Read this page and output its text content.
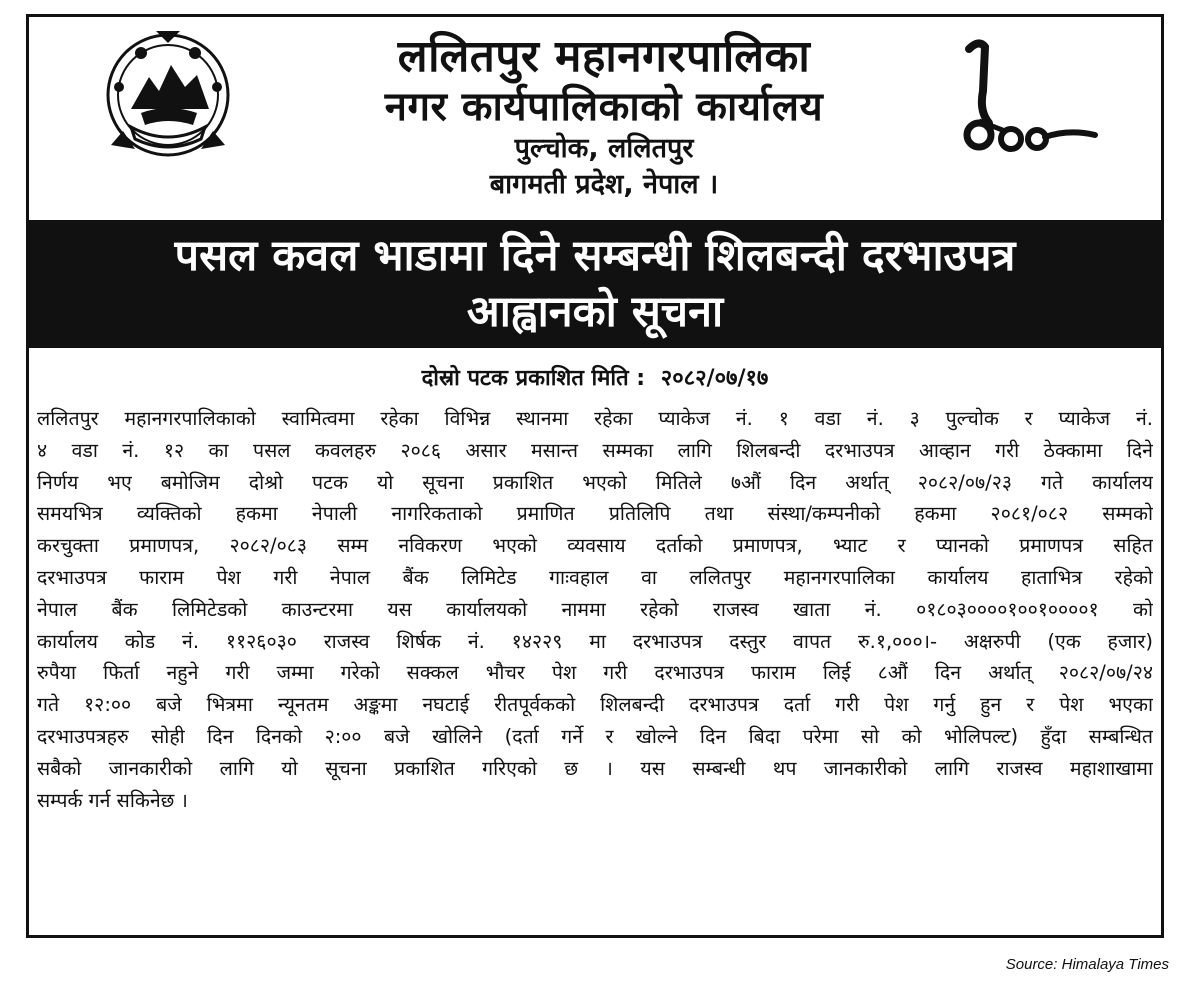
ललितपुर महानगरपालिका
नगर कार्यपालिकाको कार्यालय
पुल्चोक, ललितपुर
बागमती प्रदेश, नेपाल ।
पसल कवल भाडामा दिने सम्बन्धी शिलबन्दी दरभाउपत्र
आह्वानको सूचना
दोस्रो पटक प्रकाशित मिति : २०८२/०७/१७
ललितपुर महानगरपालिकाको स्वामित्वमा रहेका विभिन्न स्थानमा रहेका प्याकेज नं. १ वडा नं. ३ पुल्चोक र प्याकेज नं.
४ वडा नं. १२ का पसल कवलहरु २०८६ असार मसान्त सम्मका लागि शिलबन्दी दरभाउपत्र आव्हान गरी ठेक्कामा दिने
निर्णय भए बमोजिम दोश्रो पटक यो सूचना प्रकाशित भएको मितिले ७औं दिन अर्थात् २०८२/०७/२३ गते कार्यालय
समयभित्र व्यक्तिको हकमा नेपाली नागरिकताको प्रमाणित प्रतिलिपि तथा संस्था/कम्पनीको हकमा २०८१/०८२ सम्मको
करचुक्ता प्रमाणपत्र, २०८२/०८३ सम्म नविकरण भएको व्यवसाय दर्ताको प्रमाणपत्र, भ्याट र प्यानको प्रमाणपत्र सहित
दरभाउपत्र फाराम पेश गरी नेपाल बैंक लिमिटेड गाःवहाल वा ललितपुर महानगरपालिका कार्यालय हाताभित्र रहेको
नेपाल बैंक लिमिटेडको काउन्टरमा यस कार्यालयको नाममा रहेको राजस्व खाता नं. ०१८०३००००१००१००००१ को
कार्यालय कोड नं. ११२६०३० राजस्व शिर्षक नं. १४२२९ मा दरभाउपत्र दस्तुर वापत रु.१,०००।- अक्षरुपी (एक हजार)
रुपैया फिर्ता नहुने गरी जम्मा गरेको सक्कल भौचर पेश गरी दरभाउपत्र फाराम लिई ८औं दिन अर्थात् २०८२/०७/२४
गते १२:०० बजे भित्रमा न्यूनतम अङ्कमा नघटाई रीतपूर्वकको शिलबन्दी दरभाउपत्र दर्ता गरी पेश गर्नु हुन र पेश भएका
दरभाउपत्रहरु सोही दिन दिनको २:०० बजे खोलिने (दर्ता गर्ने र खोल्ने दिन बिदा परेमा सो को भोलिपल्ट) हुँदा सम्बन्धित
सबैको जानकारीको लागि यो सूचना प्रकाशित गरिएको छ । यस सम्बन्धी थप जानकारीको लागि राजस्व महाशाखामा
सम्पर्क गर्न सकिनेछ ।
Source: Himalaya Times
